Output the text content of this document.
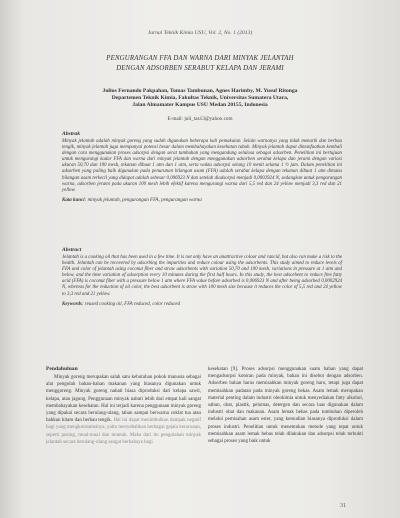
Jurnal Teknik Kimia USU, Vol. 2, No. 1 (2013)
PENGURANGAN FFA DAN WARNA DARI MINYAK JELANTAH
DENGAN ADSORBEN SERABUT KELAPA DAN JERAMI
Julius Fernando Pakpahan, Tomas Tambunan, Agnes Harimby, M. Yusuf Ritonga
Departemen Teknik Kimia, Fakultas Teknik, Universitas Sumatera Utara,
Jalan Almamater Kampus USU Medan 20155, Indonesia
E-mail: juli_tas13@yahoo.com
Abstrak
Minyak jelantah adalah minyak goreng yang sudah digunakan beberapa kali pemakaian. Selain warnanya yang tidak menarik dan berbau tengik, minyak jelantah juga mempunyai potensi besar dalam membahayakan kesehatan tubuh. Minyak jelantah dapat dimanfaatkan kembali dengan cara menggunakan proses adsorpsi dengan serat tumbuhan yang mengandung selulosa sebagai adsorben. Penelitian ini bertujuan untuk mengurangi kadar FFA dan warna dari minyak jelantah dengan menggunakan adsorben serabut kelapa dan jerami dengan variasi ukuran 50,70 dan 100 mesh, tekanan dibuat 1 atm dan 1 atm, serta waktu adsorpsi selang 10 menit selama 1 ½ jam. Dalam penelitian ini adsorben yang paling baik digunakan pada penurunan bilangan asam (FFA) adalah serabut kelapa dengan tekanan dibuat 1 atm dimana bilangan asam terkecil yang didapat adalah sebesar 0,006923 N dan setelah diadsorpsi menjadi 0,0002924 N, sedangkan untuk pengurangan warna, adsorben jerami pada ukuran 100 mesh lebih efektif karena mengurangi warna dari 5,5 red dan 24 yellow menjadi 3,3 red dan 21 yellow.
Kata kunci: minyak jelantah, pengurangan FFA, pengurangan warna
Abstract
Jelantah is a cooking oil that has been used in a few time. It is not only have an unattractive colour and rancid, but also can make a risk to the health. Jelantah can be recovered by adsorbing the impurities and reduce colour using the adsorbents. This study aimed to reduce levels of FFA and color of jelantah using coconut fiber and straw adsorbents with variation 50,70 and 100 mesh, variations in pressure at 1 atm and below, and the time variation of adsorption every 10 minutes during the first half hours. In this study, the best adsorbent to reduce free fatty acid (FFA) is coconut fiber with a pressure below 1 atm where FFA value before adsorbed is 0,006923 N and after being adsorbed 0,0002924 N, whereas for the reduction of oil color, the best adsorbent is straw with 100 mesh size because it reduces the color of 5,5 red and 24 yellow to 3,3 red and 21 yellow.
Keywords: reused cooking oil, FFA reduced, color reduced
Pendahuluan
Minyak goreng merupakan salah satu kebutuhan pokok manusia sebagai alat pengolah bahan-bahan makanan yang biasanya digunakan untuk menggoreng. Minyak goreng nabati biasa diproduksi dari kelapa sawit, kelapa, atau jagung. Penggunaan minyak nabati lebih dari empat kali sangat membahayakan kesehatan. Hal ini terjadi karena penggunaan minyak goreng yang dipakai secara berulang-ulang, tahan sampai berwarna coklat tua atau bahkan hitam dan berbau tengik. Hal ini dapat menimbulkan dampak negatif bagi yang mengkonsumsinya, yaitu menyebabkan berbagai gejala keracunan, seperti pusing, mual-mual dan muntah. Maka dari itu pengolahan minyak jelantah secara berulang-ulang sangat berbahaya bagi
kesehatan [9]. Proses adsorpsi menggunakan suatu bahan yang dapat mengadsorpsi kotoran pada minyak, bahan ini disebut dengan adsorben. Adsorben bahan harus memisahkan minyak goreng baru, tetapi juga dapat memisahkan padatan pada minyak goreng bekas. Asam lemak merupakan material penting dalam industri oleokimia untuk menyediakan fatty alkohol, sabun, obat, plastik, pelumas, detergen dan secara luas digunakan dalam industri obat dan makanan. Asam lemak bebas pada tumbuhan diperoleh melalui pemisahan asam ester, yang kemudian biasanya diproduksi dalam proses industri. Penelitian untuk menemukan metode yang tepat untuk memisahkan asam lemak bebas telah dilakukan dan adsorpsi telah terbukti sebagai proses yang baik untuk
31
